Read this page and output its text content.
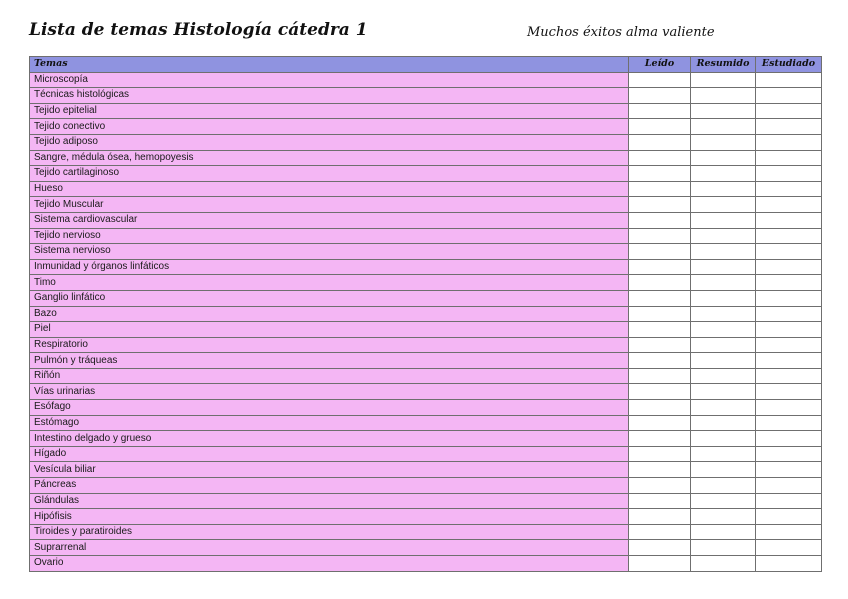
Lista de temas Histología cátedra 1	Muchos éxitos alma valiente
Temas	Leído	Resumido	Estudiado
Microscopía			
Técnicas histológicas			
Tejido epitelial			
Tejido conectivo			
Tejido adiposo			
Sangre, médula ósea, hemopoyesis			
Tejido cartilaginoso			
Hueso			
Tejido Muscular			
Sistema cardiovascular			
Tejido nervioso			
Sistema nervioso			
Inmunidad y órganos linfáticos			
Timo			
Ganglio linfático			
Bazo			
Piel			
Respiratorio			
Pulmón y tráqueas			
Riñón			
Vías urinarias			
Esófago			
Estómago			
Intestino delgado y grueso			
Hígado			
Vesícula biliar			
Páncreas			
Glándulas			
Hipófisis			
Tiroides y paratiroides			
Suprarrenal			
Ovario			
